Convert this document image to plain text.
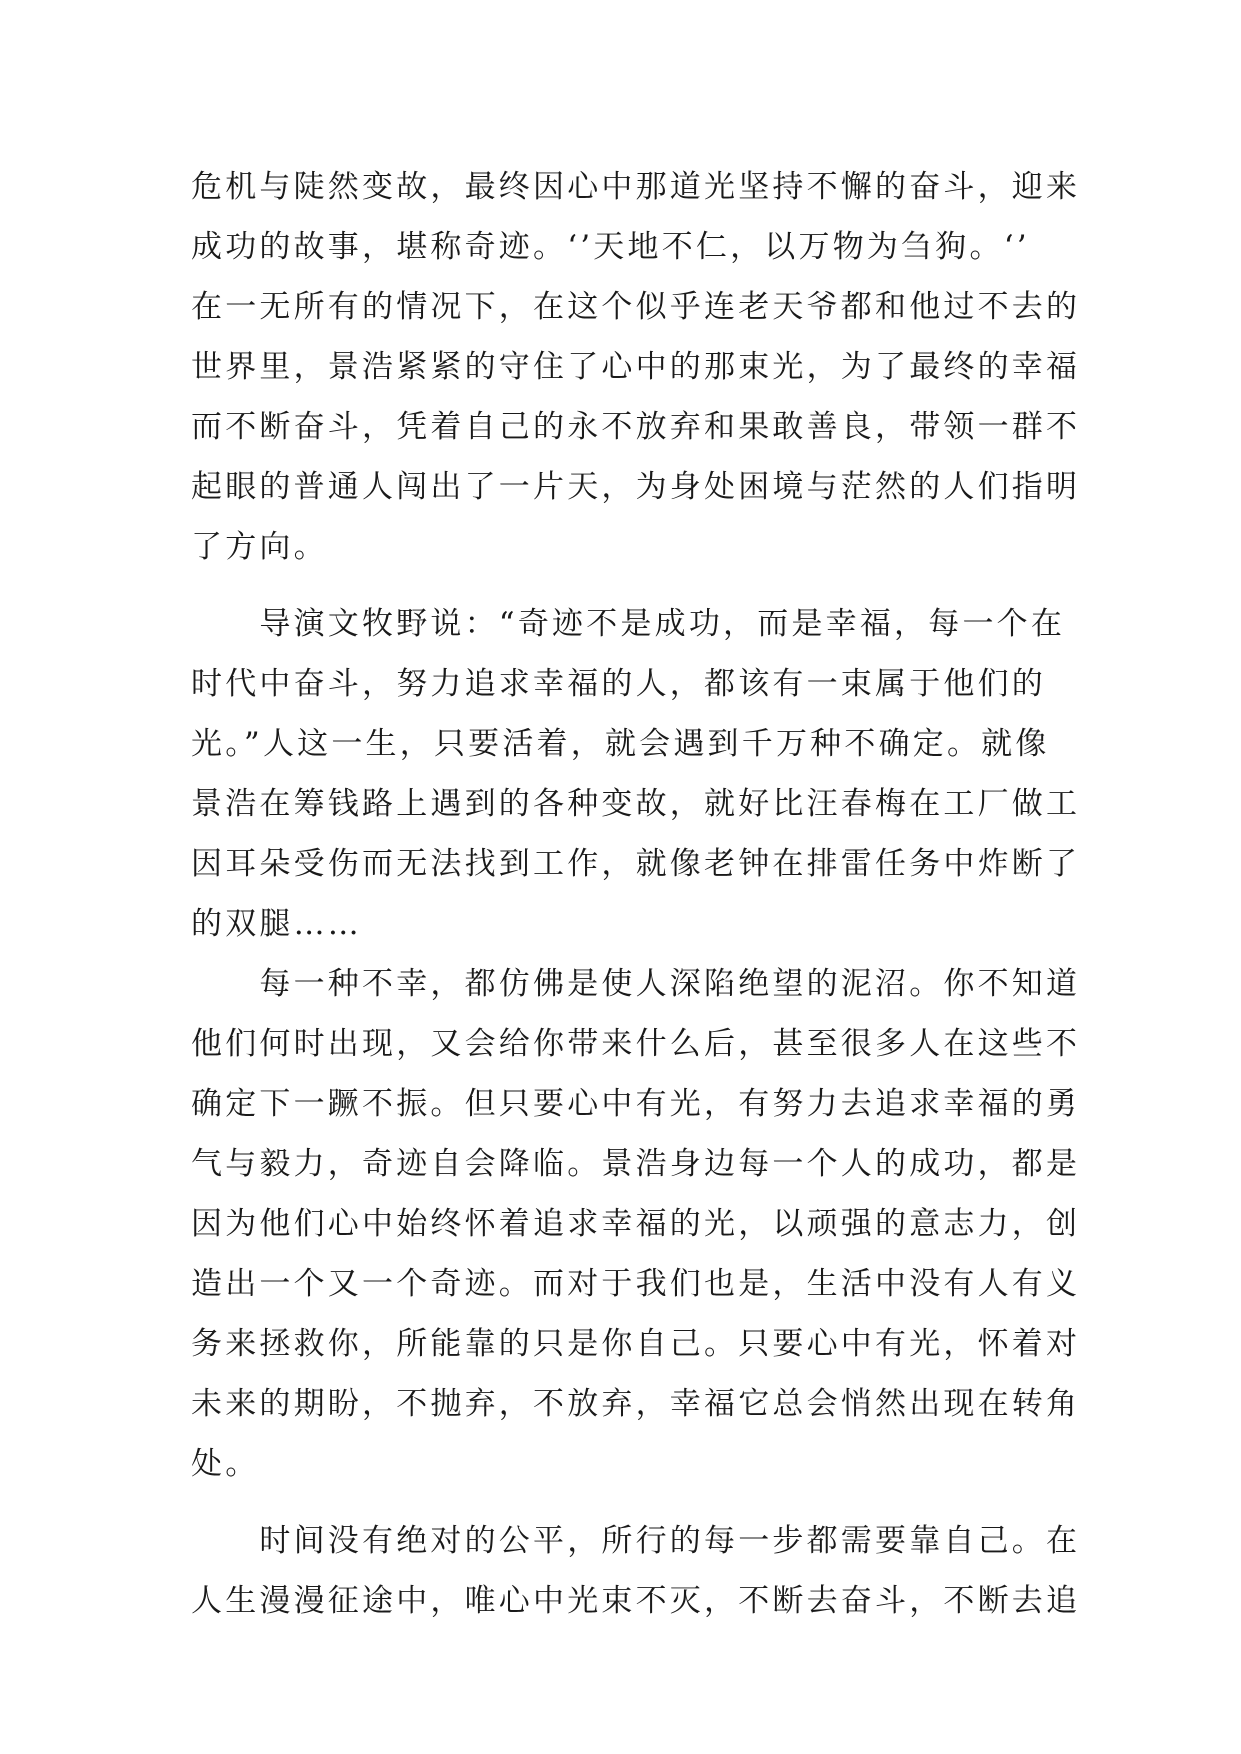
危机与陡然变故，最终因心中那道光坚持不懈的奋斗，迎来
成功的故事，堪称奇迹。‘’天地不仁，以万物为刍狗。‘’
在一无所有的情况下，在这个似乎连老天爷都和他过不去的
世界里，景浩紧紧的守住了心中的那束光，为了最终的幸福
而不断奋斗，凭着自己的永不放弃和果敢善良，带领一群不
起眼的普通人闯出了一片天，为身处困境与茫然的人们指明
了方向。
　　导演文牧野说：“奇迹不是成功，而是幸福，每一个在
时代中奋斗，努力追求幸福的人，都该有一束属于他们的
光。”人这一生，只要活着，就会遇到千万种不确定。就像
景浩在筹钱路上遇到的各种变故，就好比汪春梅在工厂做工
因耳朵受伤而无法找到工作，就像老钟在排雷任务中炸断了
的双腿……
　　每一种不幸，都仿佛是使人深陷绝望的泥沼。你不知道
他们何时出现，又会给你带来什么后，甚至很多人在这些不
确定下一蹶不振。但只要心中有光，有努力去追求幸福的勇
气与毅力，奇迹自会降临。景浩身边每一个人的成功，都是
因为他们心中始终怀着追求幸福的光，以顽强的意志力，创
造出一个又一个奇迹。而对于我们也是，生活中没有人有义
务来拯救你，所能靠的只是你自己。只要心中有光，怀着对
未来的期盼，不抛弃，不放弃，幸福它总会悄然出现在转角
处。
　　时间没有绝对的公平，所行的每一步都需要靠自己。在
人生漫漫征途中，唯心中光束不灭，不断去奋斗，不断去追
